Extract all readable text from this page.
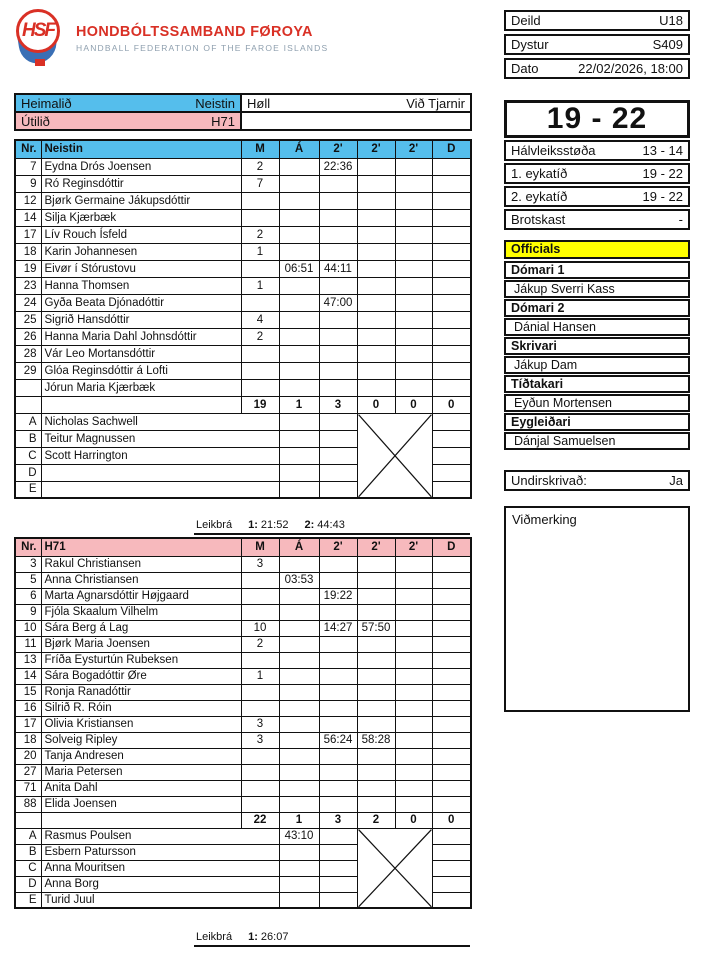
HSF HONDBÓLTSSAMBAND FØROYA
HANDBALL FEDERATION OF THE FAROE ISLANDS
Deild	U18
Dystur	S409
Dato	22/02/2026, 18:00
Heimalið Neistin	Høll Við Tjarnir

Útilið H71	

Nr.	Neistin	M	Á	2'	2'	2'	D
7	Eydna Drós Joensen	2		22:36			
9	Ró Reginsdóttir	7					
12	Bjørk Germaine Jákupsdóttir						
14	Silja Kjærbæk						
17	Lív Rouch Ísfeld	2					
18	Karin Johannesen	1					
19	Eivør í Stórustovu		06:51	44:11			
23	Hanna Thomsen	1					
24	Gyða Beata Djónadóttir			47:00			
25	Sigrið Hansdóttir	4					
26	Hanna Maria Dahl Johnsdóttir	2					
28	Vár Leo Mortansdóttir						
29	Glóa Reginsdóttir á Lofti						
	Jórun Maria Kjærbæk						
		19	1	3	0	0	0
A	Nicholas Sachwell			

B	Teitur Magnussen						
C	Scott Harrington						
D							
E							
Leikbrá 1: 21:52 2: 44:43
Nr.	H71	M	Á	2'	2'	2'	D
3	Rakul Christiansen	3					
5	Anna Christiansen		03:53				
6	Marta Agnarsdóttir Højgaard			19:22			
9	Fjóla Skaalum Vilhelm						
10	Sára Berg á Lag	10		14:27	57:50		
11	Bjørk Maria Joensen	2					
13	Fríða Eysturtún Rubeksen						
14	Sára Bogadóttir Øre	1					
15	Ronja Ranadóttir						
16	Silrið R. Róin						
17	Olivia Kristiansen	3					
18	Solveig Ripley	3		56:24	58:28		
20	Tanja Andresen						
27	Maria Petersen						
71	Anita Dahl						
88	Elida Joensen						
		22	1	3	2	0	0
A	Rasmus Poulsen		43:10		

B	Esbern Patursson						
C	Anna Mouritsen						
D	Anna Borg						
E	Turid Juul						
Leikbrá 1: 26:07
19 - 22
Hálvleiksstøða	13 - 14
1. eykatíð	19 - 22
2. eykatíð	19 - 22
Brotskast	-
Officials
Dómari 1
Jákup Sverri Kass
Dómari 2
Dánial Hansen
Skrivari
Jákup Dam
Tíðtakari
Eyðun Mortensen
Eygleiðari
Dánjal Samuelsen
Undirskrivað:	Ja
Viðmerking
